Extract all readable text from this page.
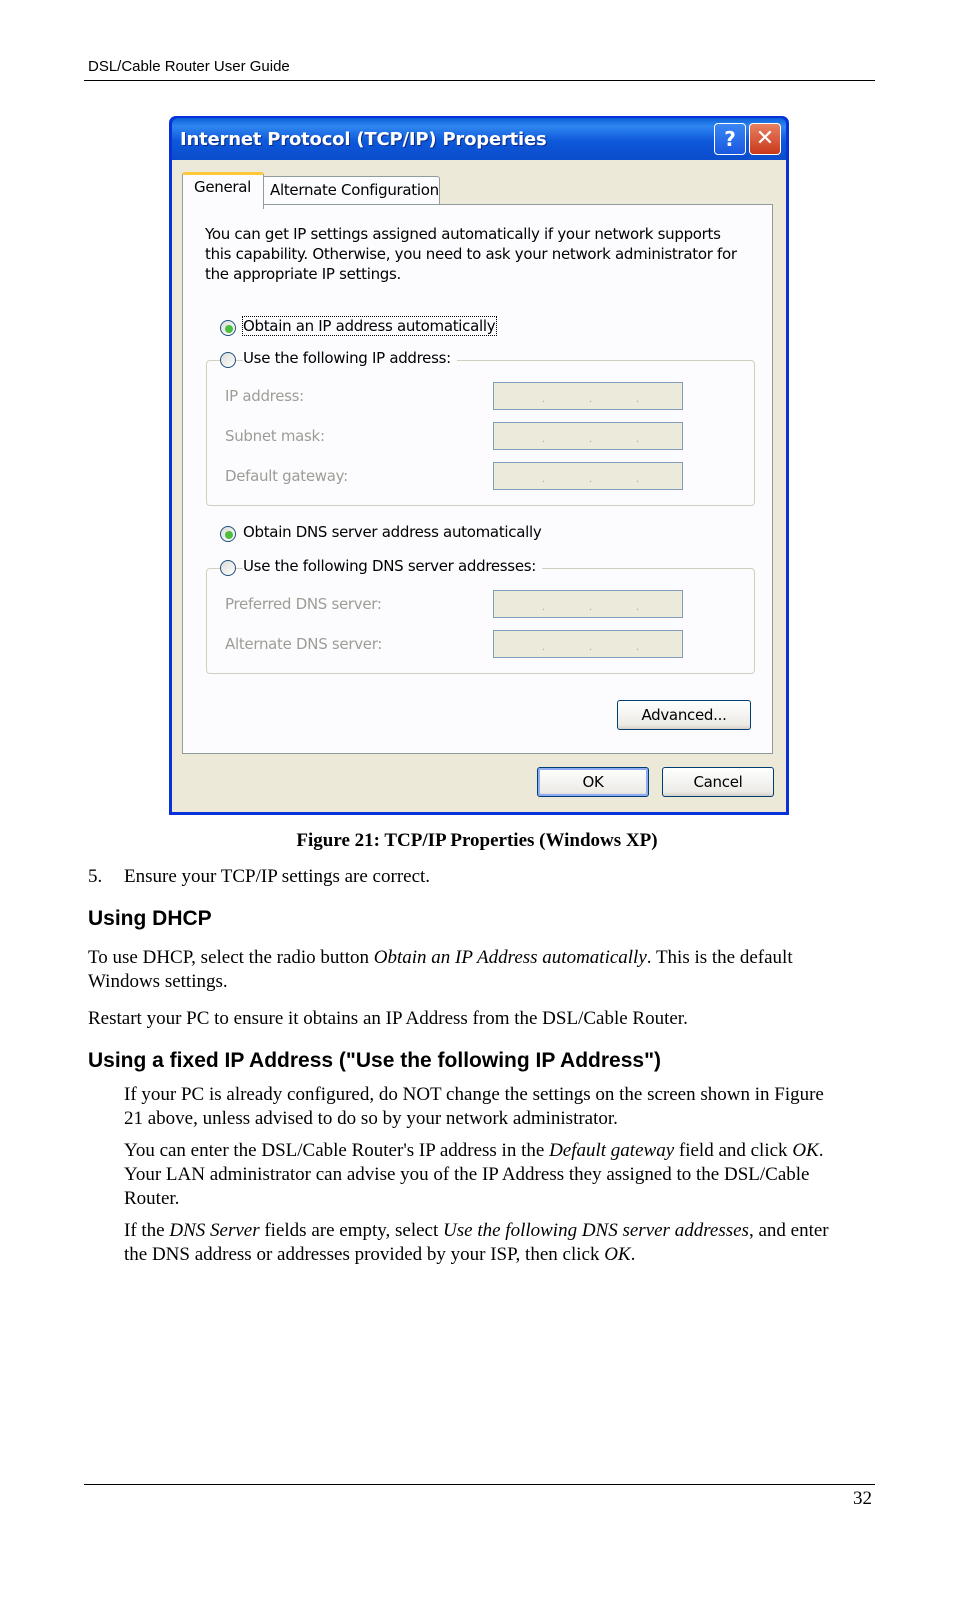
DSL/Cable Router User Guide
Internet Protocol (TCP/IP) Properties	? ✕
Alternate Configuration
General
You can get IP settings assigned automatically if your network supports this capability. Otherwise, you need to ask your network administrator for the appropriate IP settings.
Obtain an IP address automatically
Use the following IP address:
IP address:	.	.	.
Subnet mask:	.	.	.
Default gateway:	.	.	.
Obtain DNS server address automatically
Use the following DNS server addresses:
Preferred DNS server:	.	.	.
Alternate DNS server:	.	.	.
Advanced...
OK	Cancel
Figure 21: TCP/IP Properties (Windows XP)
5. Ensure your TCP/IP settings are correct.
Using DHCP
To use DHCP, select the radio button Obtain an IP Address automatically. This is the default Windows settings.
Restart your PC to ensure it obtains an IP Address from the DSL/Cable Router.
Using a fixed IP Address ("Use the following IP Address")
If your PC is already configured, do NOT change the settings on the screen shown in Figure 21 above, unless advised to do so by your network administrator.
You can enter the DSL/Cable Router's IP address in the Default gateway field and click OK. Your LAN administrator can advise you of the IP Address they assigned to the DSL/Cable Router.
If the DNS Server fields are empty, select Use the following DNS server addresses, and enter the DNS address or addresses provided by your ISP, then click OK.
32
